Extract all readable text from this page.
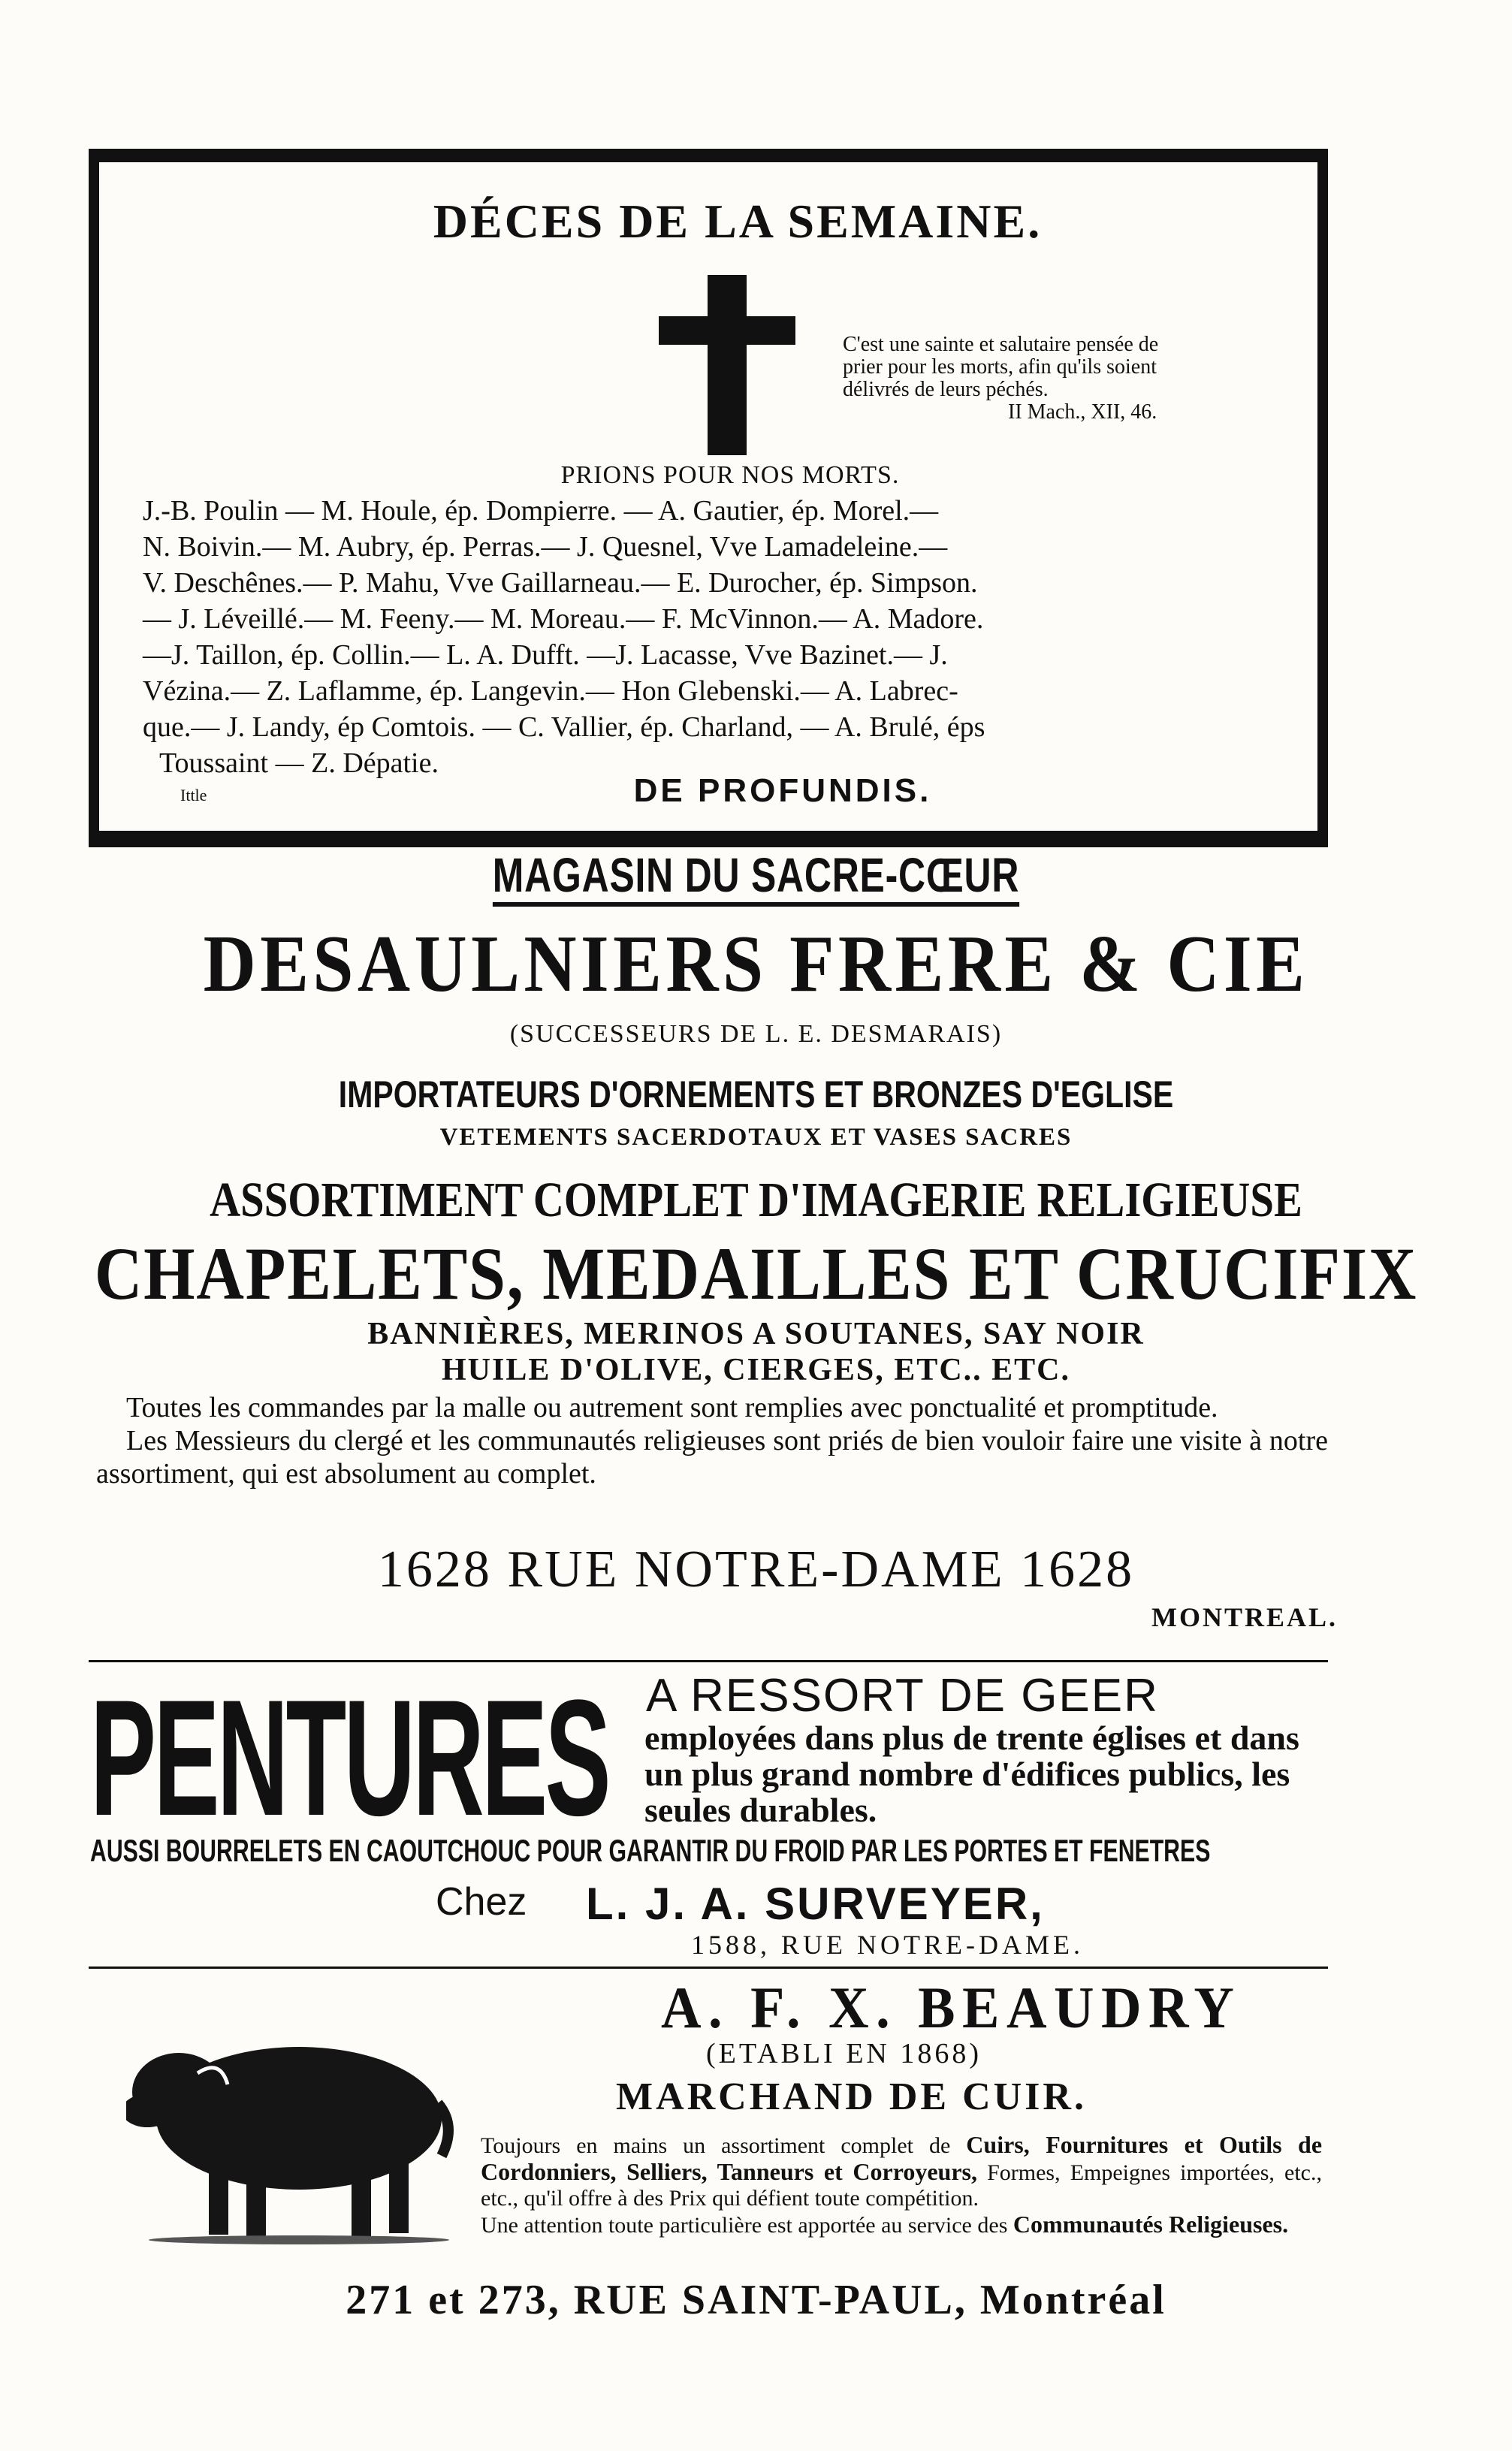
DÉCES DE LA SEMAINE.
C'est une sainte et salutaire pensée de
prier pour les morts, afin qu'ils soient
délivrés de leurs péchés.
II Mach., XII, 46.
PRIONS POUR NOS MORTS.
J.-B. Poulin — M. Houle, ép. Dompierre. — A. Gautier, ép. Morel.—
N. Boivin.— M. Aubry, ép. Perras.— J. Quesnel, Vve Lamadeleine.—
V. Deschênes.— P. Mahu, Vve Gaillarneau.— E. Durocher, ép. Simpson.
— J. Léveillé.— M. Feeny.— M. Moreau.— F. McVinnon.— A. Madore.
—J. Taillon, ép. Collin.— L. A. Dufft. —J. Lacasse, Vve Bazinet.— J.
Vézina.— Z. Laflamme, ép. Langevin.— Hon Glebenski.— A. Labrec-
que.— J. Landy, ép Comtois. — C. Vallier, ép. Charland, — A. Brulé, éps
Toussaint — Z. Dépatie.
Ittle	DE PROFUNDIS.
MAGASIN DU SACRE-CŒUR
DESAULNIERS FRERE & CIE
(SUCCESSEURS DE L. E. DESMARAIS)
IMPORTATEURS D'ORNEMENTS ET BRONZES D'EGLISE
VETEMENTS SACERDOTAUX ET VASES SACRES
ASSORTIMENT COMPLET D'IMAGERIE RELIGIEUSE
CHAPELETS, MEDAILLES ET CRUCIFIX
BANNIÈRES, MERINOS A SOUTANES, SAY NOIR
HUILE D'OLIVE, CIERGES, ETC.. ETC.

Toutes les commandes par la malle ou autrement sont remplies avec ponctualité et promptitude.

Les Messieurs du clergé et les communautés religieuses sont priés de bien vouloir faire une visite à notre assortiment, qui est absolument au complet.

1628 RUE NOTRE-DAME 1628
MONTREAL.
PENTURES A RESSORT DE GEER
employées dans plus de trente églises et dans un plus grand nombre d'édifices publics, les seules durables.
AUSSI BOURRELETS EN CAOUTCHOUC POUR GARANTIR DU FROID PAR LES PORTES ET FENETRES
Chez L. J. A. SURVEYER,
1588, RUE NOTRE-DAME.
A. F. X. BEAUDRY
(ETABLI EN 1868)
MARCHAND DE CUIR.

Toujours en mains un assortiment complet de Cuirs, Fournitures et Outils de Cordonniers, Selliers, Tanneurs et Corroyeurs, Formes, Empeignes importées, etc., etc., qu'il offre à des Prix qui défient toute compétition.

Une attention toute particulière est apportée au service des Communautés Religieuses.

271 et 273, RUE SAINT-PAUL, Montréal
